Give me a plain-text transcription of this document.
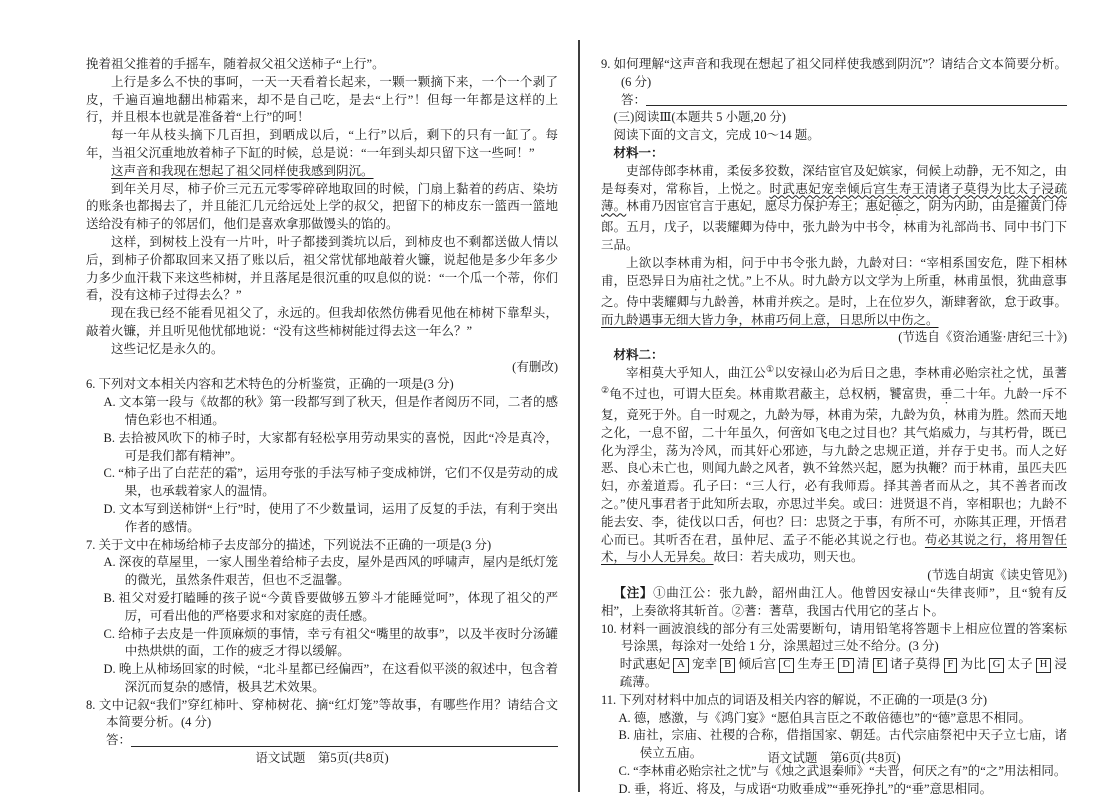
挽着祖父推着的手摇车，随着叔父祖父送柿子“上行”。

上行是多么不快的事呵，一天一天看着长起来，一颗一颗摘下来，一个一个剥了皮，千遍百遍地翻出柿霜来，却不是自己吃，是去“上行”！但每一年都是这样的上行，并且根本也就是准备着“上行”的呵！

每一年从枝头摘下几百担，到晒成以后，“上行”以后，剩下的只有一缸了。每年，当祖父沉重地放着柿子下缸的时候，总是说：“一年到头却只留下这一些呵！”

这声音和我现在想起了祖父同样使我感到阴沉。

到年关月尽，柿子价三元五元零零碎碎地取回的时候，门扇上黏着的药店、染坊的账条也都揭去了，并且能汇几元给远处上学的叔父，把留下的柿皮东一篮西一篮地送给没有柿子的邻居们，他们是喜欢拿那做馒头的馅的。

这样，到树枝上没有一片叶，叶子都搂到粪坑以后，到柿皮也不剩都送做人情以后，到柿子价都取回来又捂了账以后，祖父常忧郁地敲着火镰，说起他是多少年多少力多少血汗栽下来这些柿树，并且落尾是很沉重的叹息似的说：“一个瓜一个蒂，你们看，没有这柿子过得去么？”

现在我已经不能看见祖父了，永远的。但我却依然仿佛看见他在柿树下靠犁头，敲着火镰，并且听见他忧郁地说：“没有这些柿树能过得去这一年么？”

这些记忆是永久的。

(有删改)

6. 下列对文本相关内容和艺术特色的分析鉴赏，正确的一项是(3 分)

A. 文本第一段与《故都的秋》第一段都写到了秋天，但是作者阅历不同，二者的感情色彩也不相通。

B. 去拾被风吹下的柿子时，大家都有轻松享用劳动果实的喜悦，因此“冷是真冷，可是我们都有精神”。

C. “柿子出了白茫茫的霜”，运用夸张的手法写柿子变成柿饼，它们不仅是劳动的成果，也承载着家人的温情。

D. 文本写到送柿饼“上行”时，使用了不少数量词，运用了反复的手法，有利于突出作者的感情。

7. 关于文中在柿场给柿子去皮部分的描述，下列说法不正确的一项是(3 分)

A. 深夜的草屋里，一家人围坐着给柿子去皮，屋外是西风的呼啸声，屋内是纸灯笼的微光，虽然条件艰苦，但也不乏温馨。

B. 祖父对爱打瞌睡的孩子说“今黄昏要做够五箩斗才能睡觉呵”，体现了祖父的严厉，可看出他的严格要求和对家庭的责任感。

C. 给柿子去皮是一件顶麻烦的事情，幸亏有祖父“嘴里的故事”，以及半夜时分汤罐中热烘烘的面，工作的疲乏才得以缓解。

D. 晚上从柿场回家的时候，“北斗星都已经偏西”，在这看似平淡的叙述中，包含着深沉而复杂的感情，极具艺术效果。

8. 文中记叙“我们”穿红柿叶、穿柿树花、摘“红灯笼”等故事，有哪些作用？请结合文本简要分析。(4 分)

答：

9. 如何理解“这声音和我现在想起了祖父同样使我感到阴沉”？请结合文本简要分析。(6 分)

答：

(三)阅读Ⅲ(本题共 5 小题,20 分)

阅读下面的文言文，完成 10～14 题。

材料一：

吏部侍郎李林甫，柔佞多狡数，深结宦官及妃嫔家，伺候上动静，无不知之，由是每奏对，常称旨，上悦之。时武惠妃宠幸倾后宫生寿王清诸子莫得为比太子浸疏薄。林甫乃因宦官言于惠妃，愿尽力保护寿王；惠妃德之，阴为内助，由是擢黄门侍郎。五月，戊子，以裴耀卿为侍中，张九龄为中书令，林甫为礼部尚书、同中书门下三品。

上欲以李林甫为相，问于中书令张九龄，九龄对曰：“宰相系国安危，陛下相林甫，臣恐异日为庙社之忧。”上不从。时九龄方以文学为上所重，林甫虽恨，犹曲意事之。侍中裴耀卿与九龄善，林甫并疾之。是时，上在位岁久，渐肆奢欲，怠于政事。而九龄遇事无细大皆力争，林甫巧伺上意，日思所以中伤之。

(节选自《资治通鉴·唐纪三十》)

材料二：

宰相莫大乎知人，曲江公①以安禄山必为后日之患，李林甫必贻宗社之忧，虽蓍②龟不过也，可谓大臣矣。林甫欺君蔽主，总权柄，饕富贵，垂二十年。九龄一斥不复，竟死于外。自一时观之，九龄为辱，林甫为荣，九龄为负，林甫为胜。然而天地之化，一息不留，二十年虽久，何啻如飞电之过目也？其气焰威力，与其朽骨，既已化为浮尘，荡为冷风，而其奸心邪迹，与九龄之忠规正道，并存于史书。而人之好恶、良心未亡也，则闻九龄之风者，孰不耸然兴起，愿为执鞭？而于林甫，虽匹夫匹妇，亦羞道焉。孔子曰：“三人行，必有我师焉。择其善者而从之，其不善者而改之。”使凡事君者于此知所去取，亦思过半矣。或曰：进贤退不肖，宰相职也；九龄不能去安、李，徒伐以口舌，何也？曰：忠贤之于事，有所不可，亦陈其正理，开悟君心而已。其听否在君，虽仲尼、孟子不能必其说之行也。苟必其说之行，将用智任术，与小人无异矣。故曰：若夫成功，则天也。

(节选自胡寅《读史管见》)

【注】①曲江公：张九龄，韶州曲江人。他曾因安禄山“失律丧师”，且“貌有反相”，上奏欲将其斩首。②蓍：蓍草，我国古代用它的茎占卜。

10. 材料一画波浪线的部分有三处需要断句，请用铅笔将答题卡上相应位置的答案标号涂黑，每涂对一处给 1 分，涂黑超过三处不给分。(3 分)

时武惠妃 A 宠幸 B 倾后宫 C 生寿王 D 清 E 诸子莫得 F 为比 G 太子 H 浸疏薄。

11. 下列对材料中加点的词语及相关内容的解说，不正确的一项是(3 分)

A. 德，感激，与《鸿门宴》“愿伯具言臣之不敢倍德也”的“德”意思不相同。

B. 庙社，宗庙、社稷的合称，借指国家、朝廷。古代宗庙祭祀中天子立七庙，诸侯立五庙。

C. “李林甫必贻宗社之忧”与《烛之武退秦师》“夫晋，何厌之有”的“之”用法相同。

D. 垂，将近、将及，与成语“功败垂成”“垂死挣扎”的“垂”意思相同。

语文试题　第5页(共8页)	语文试题　第6页(共8页)
